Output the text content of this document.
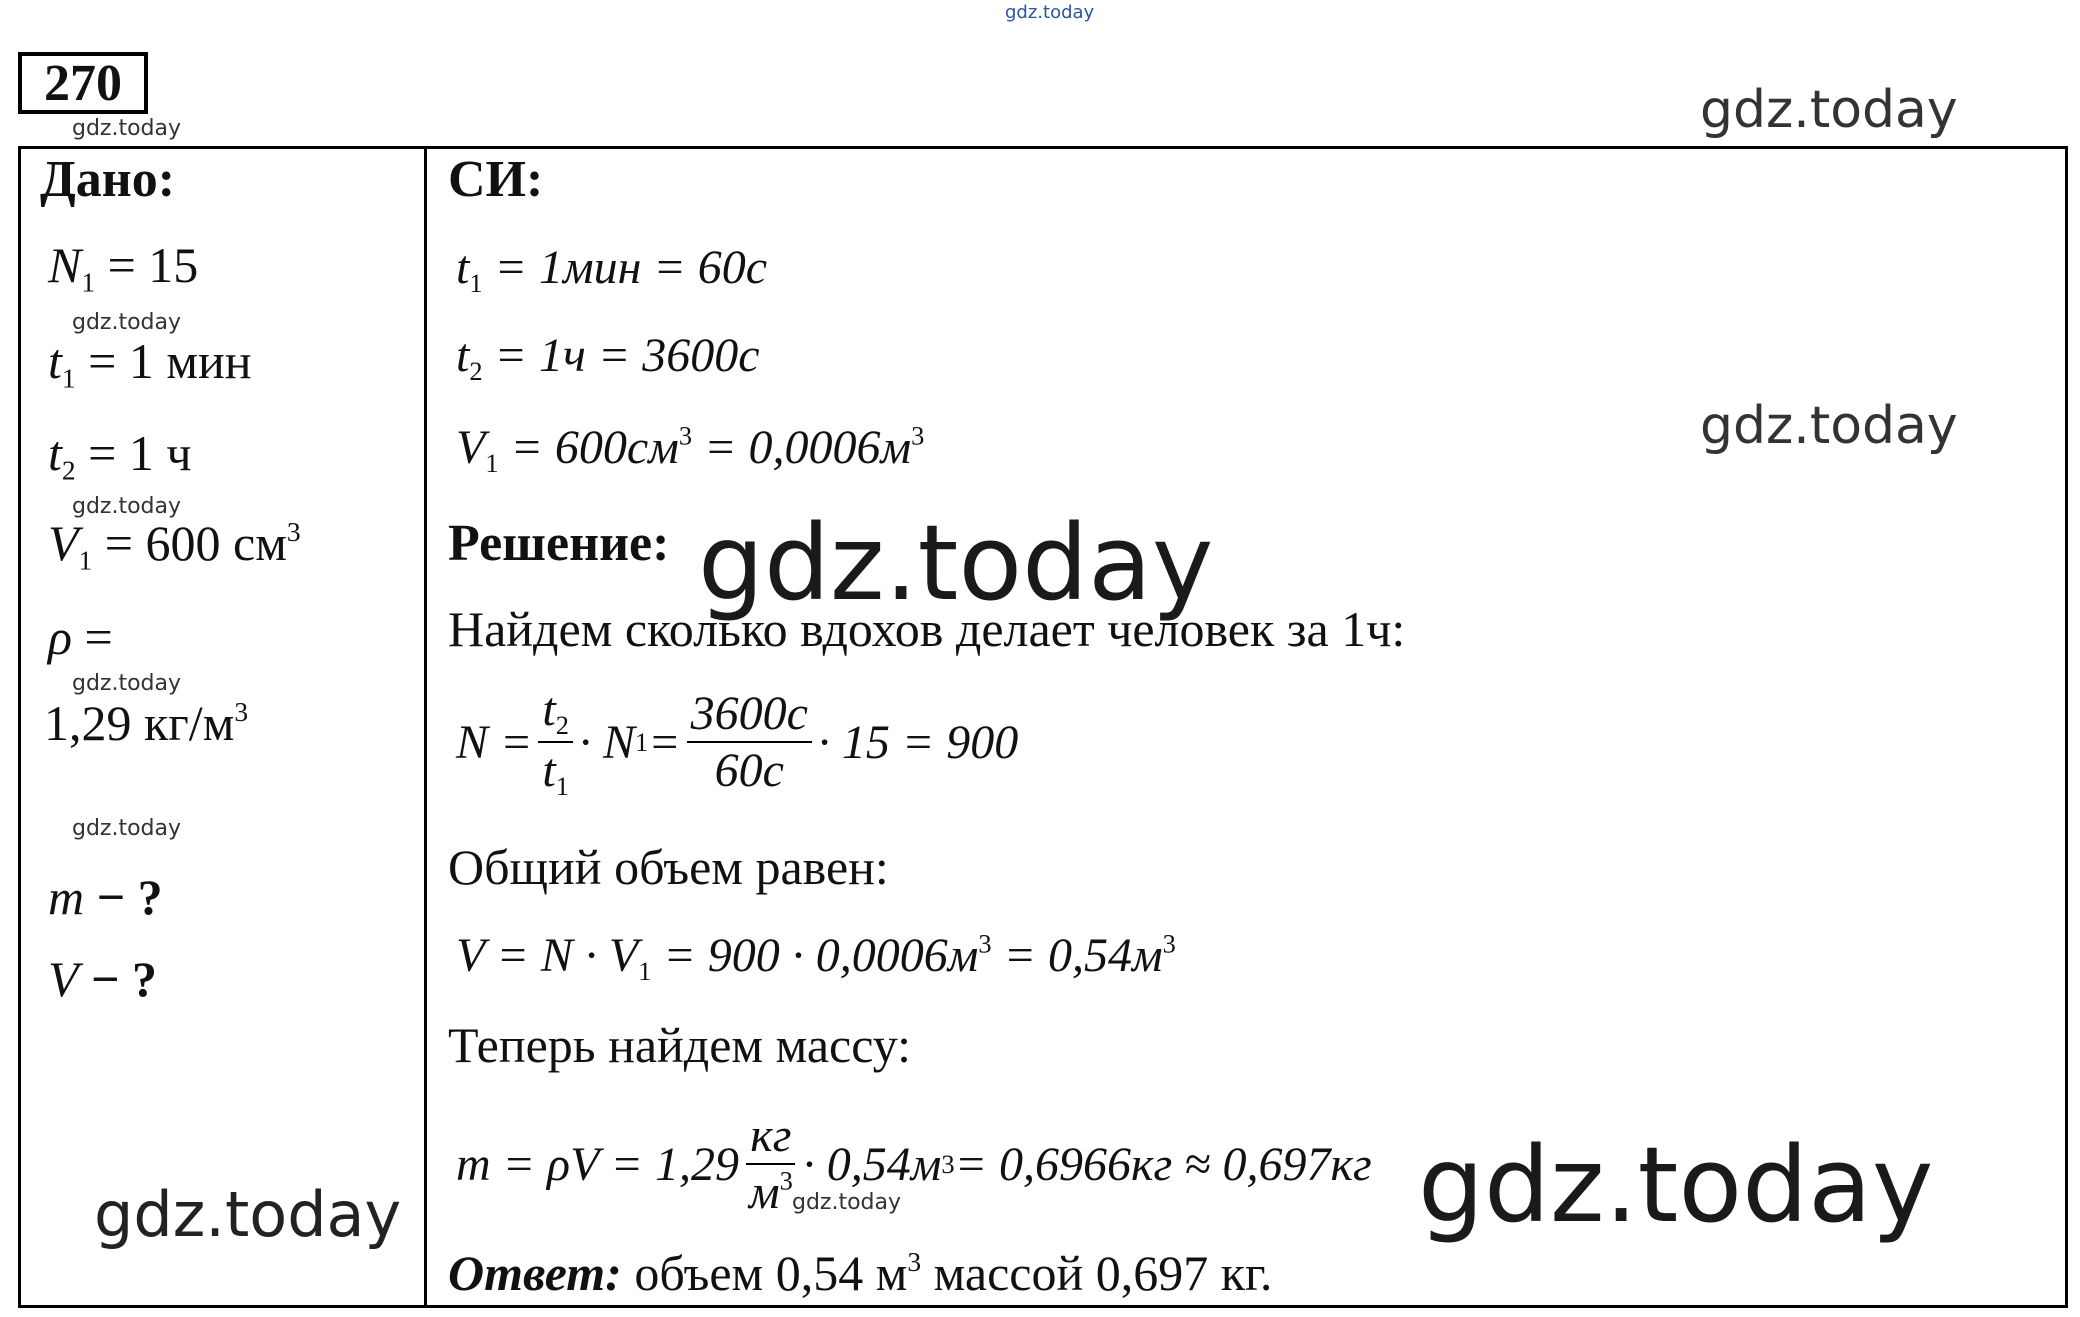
gdz.today
gdz.today	gdz.today
270
Дано:
$N_1 = 15$
gdz.today
$t_1 = 1$ мин
$t_2 = 1$ ч
gdz.today
$V_1 = 600$ $см^3$
ρ =
gdz.today
1,29 $кг/м^3$
gdz.today
m − ?
V − ?
gdz.today
СИ:
$t_1 = 1мин = 60с$
$t_2 = 1ч = 3600с$
$V_1 = 600см^3 = 0,0006м^3$	gdz.today
Решение: gdz.today
Найдем сколько вдохов делает человек за 1ч:
$N = \frac{t_2}{t_1} \cdot N$ $1 = \frac{3600с}{60с} \cdot 15 = 900$
Общий объем равен:
$V = N \cdot V_1 = 900 \cdot 0,0006м^3 = 0,54м^3$
Теперь найдем массу:
$m = \rho V = 1,29 \frac{кг}{м^3} \cdot 0,54м$ 3 = 0,6966кг ≈ 0,697кг
gdz.today	gdz.today
Ответ: объем 0,54 $м^3$ массой 0,697 кг.
